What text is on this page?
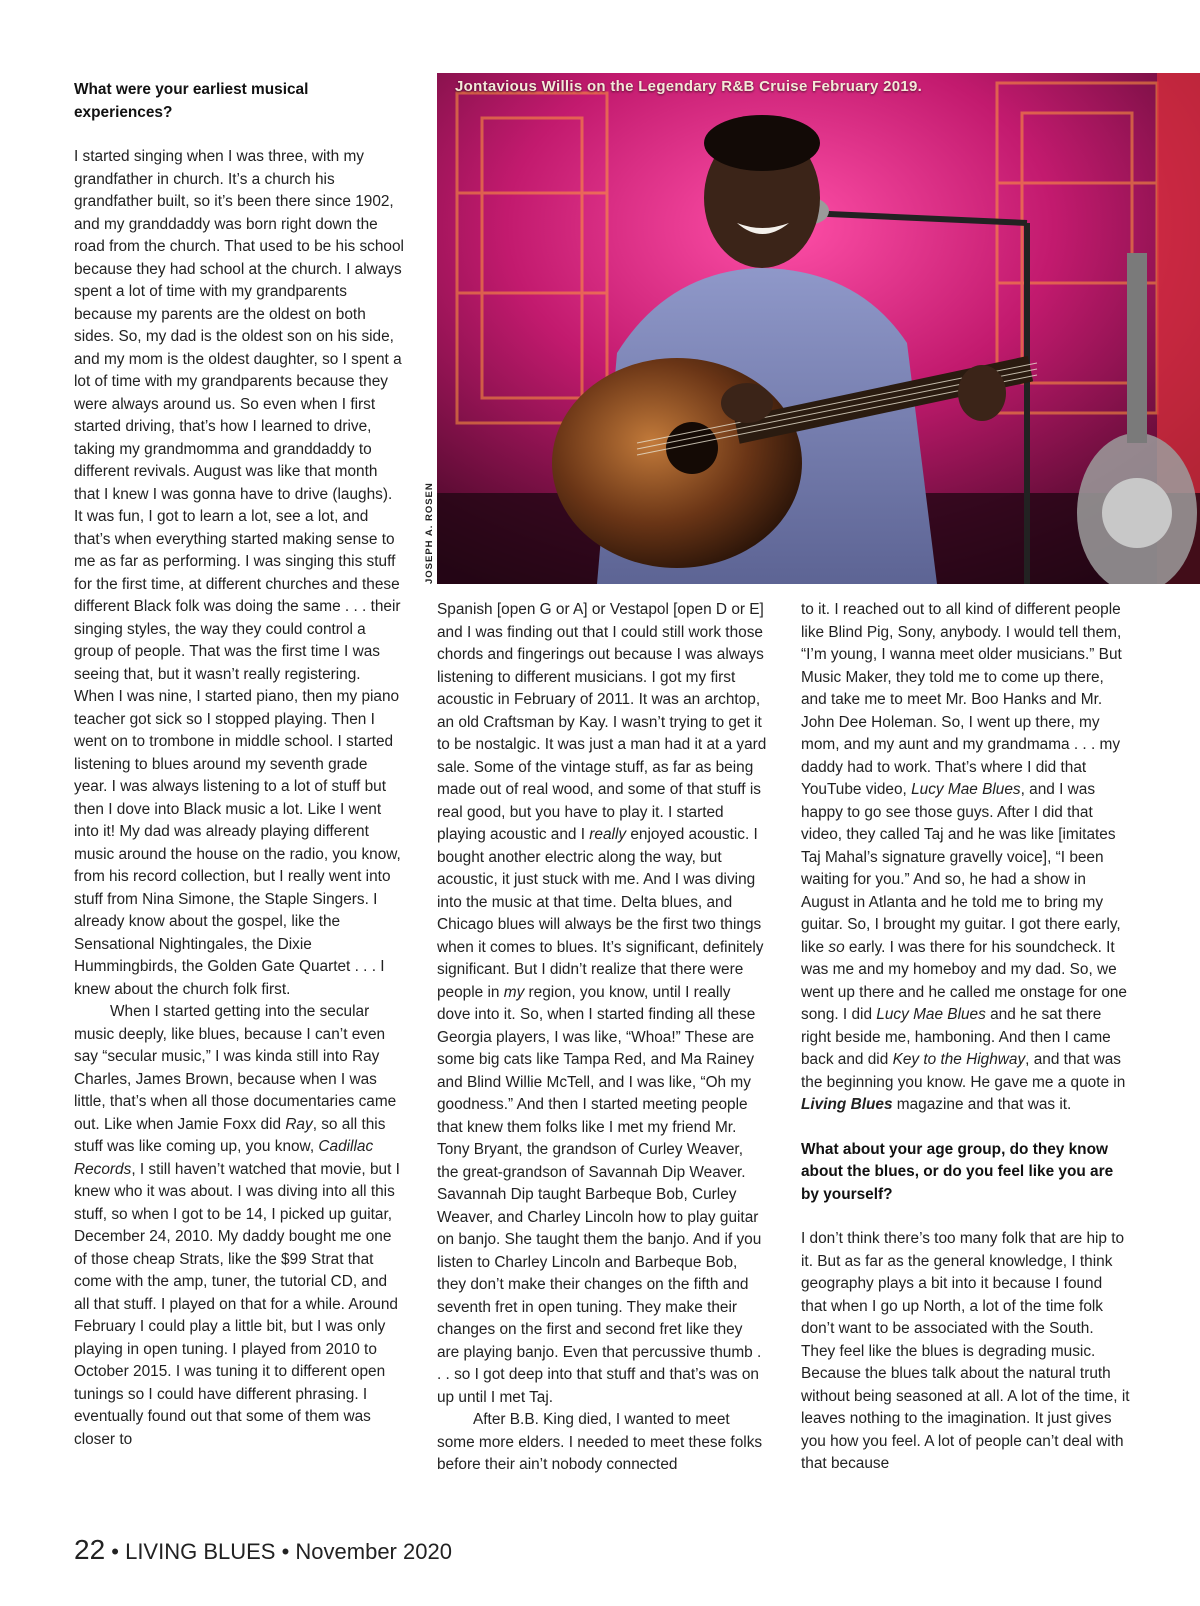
Jontavious Willis on the Legendary R&B Cruise February 2019.
JOSEPH A. ROSEN

What were your earliest musical experiences?

I started singing when I was three, with my grandfather in church. It’s a church his grandfather built, so it’s been there since 1902, and my granddaddy was born right down the road from the church. That used to be his school because they had school at the church. I always spent a lot of time with my grandparents because my parents are the oldest on both sides. So, my dad is the oldest son on his side, and my mom is the oldest daughter, so I spent a lot of time with my grandparents because they were always around us. So even when I first started driving, that’s how I learned to drive, taking my grandmomma and granddaddy to different revivals. August was like that month that I knew I was gonna have to drive (laughs). It was fun, I got to learn a lot, see a lot, and that’s when everything started making sense to me as far as performing. I was singing this stuff for the first time, at different churches and these different Black folk was doing the same . . . their singing styles, the way they could control a group of people. That was the first time I was seeing that, but it wasn’t really registering. When I was nine, I started piano, then my piano teacher got sick so I stopped playing. Then I went on to trombone in middle school. I started listening to blues around my seventh grade year. I was always listening to a lot of stuff but then I dove into Black music a lot. Like I went into it! My dad was already playing different music around the house on the radio, you know, from his record collection, but I really went into stuff from Nina Simone, the Staple Singers. I already know about the gospel, like the Sensational Nightingales, the Dixie Hummingbirds, the Golden Gate Quartet . . . I knew about the church folk first.

When I started getting into the secular music deeply, like blues, because I can’t even say “secular music,” I was kinda still into Ray Charles, James Brown, because when I was little, that’s when all those documentaries came out. Like when Jamie Foxx did Ray, so all this stuff was like coming up, you know, Cadillac Records, I still haven’t watched that movie, but I knew who it was about. I was diving into all this stuff, so when I got to be 14, I picked up guitar, December 24, 2010. My daddy bought me one of those cheap Strats, like the $99 Strat that come with the amp, tuner, the tutorial CD, and all that stuff. I played on that for a while. Around February I could play a little bit, but I was only playing in open tuning. I played from 2010 to October 2015. I was tuning it to different open tunings so I could have different phrasing. I eventually found out that some of them was closer to

Spanish [open G or A] or Vestapol [open D or E] and I was finding out that I could still work those chords and fingerings out because I was always listening to different musicians. I got my first acoustic in February of 2011. It was an archtop, an old Craftsman by Kay. I wasn’t trying to get it to be nostalgic. It was just a man had it at a yard sale. Some of the vintage stuff, as far as being made out of real wood, and some of that stuff is real good, but you have to play it. I started playing acoustic and I really enjoyed acoustic. I bought another electric along the way, but acoustic, it just stuck with me. And I was diving into the music at that time. Delta blues, and Chicago blues will always be the first two things when it comes to blues. It’s significant, definitely significant. But I didn’t realize that there were people in my region, you know, until I really dove into it. So, when I started finding all these Georgia players, I was like, “Whoa!” These are some big cats like Tampa Red, and Ma Rainey and Blind Willie McTell, and I was like, “Oh my goodness.” And then I started meeting people that knew them folks like I met my friend Mr. Tony Bryant, the grandson of Curley Weaver, the great-grandson of Savannah Dip Weaver. Savannah Dip taught Barbeque Bob, Curley Weaver, and Charley Lincoln how to play guitar on banjo. She taught them the banjo. And if you listen to Charley Lincoln and Barbeque Bob, they don’t make their changes on the fifth and seventh fret in open tuning. They make their changes on the first and second fret like they are playing banjo. Even that percussive thumb . . . so I got deep into that stuff and that’s was on up until I met Taj.

After B.B. King died, I wanted to meet some more elders. I needed to meet these folks before their ain’t nobody connected

to it. I reached out to all kind of different people like Blind Pig, Sony, anybody. I would tell them, “I’m young, I wanna meet older musicians.” But Music Maker, they told me to come up there, and take me to meet Mr. Boo Hanks and Mr. John Dee Holeman. So, I went up there, my mom, and my aunt and my grandmama . . . my daddy had to work. That’s where I did that YouTube video, Lucy Mae Blues, and I was happy to go see those guys. After I did that video, they called Taj and he was like [imitates Taj Mahal’s signature gravelly voice], “I been waiting for you.” And so, he had a show in August in Atlanta and he told me to bring my guitar. So, I brought my guitar. I got there early, like so early. I was there for his soundcheck. It was me and my homeboy and my dad. So, we went up there and he called me onstage for one song. I did Lucy Mae Blues and he sat there right beside me, hamboning. And then I came back and did Key to the Highway, and that was the beginning you know. He gave me a quote in Living Blues magazine and that was it.

What about your age group, do they know about the blues, or do you feel like you are by yourself?

I don’t think there’s too many folk that are hip to it. But as far as the general knowledge, I think geography plays a bit into it because I found that when I go up North, a lot of the time folk don’t want to be associated with the South. They feel like the blues is degrading music. Because the blues talk about the natural truth without being seasoned at all. A lot of the time, it leaves nothing to the imagination. It just gives you how you feel. A lot of people can’t deal with that because

22 • LIVING BLUES • November 2020
